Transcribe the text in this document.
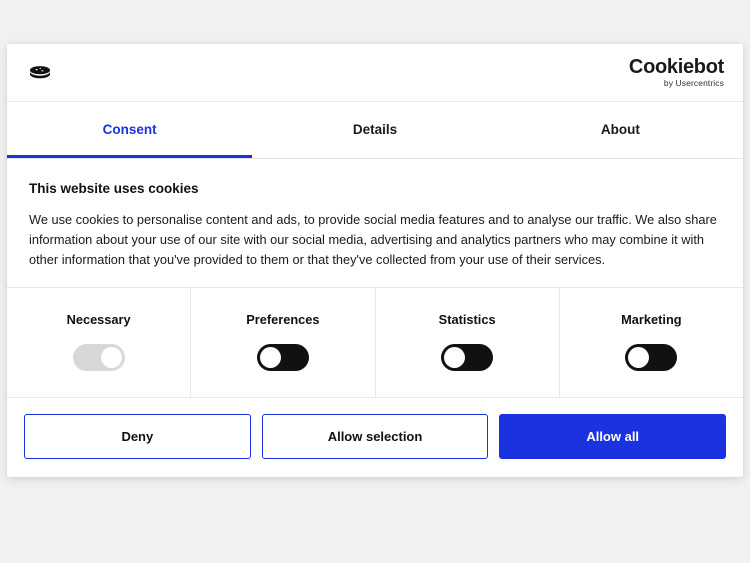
Cookiebot
by Usercentrics
Consent	Details	About

This website uses cookies

We use cookies to personalise content and ads, to provide social media features and to analyse our traffic. We also share information about your use of our site with our social media, advertising and analytics partners who may combine it with other information that you've provided to them or that they've collected from your use of their services.

Necessary	Preferences	Statistics	Marketing
Deny	Allow selection	Allow all
